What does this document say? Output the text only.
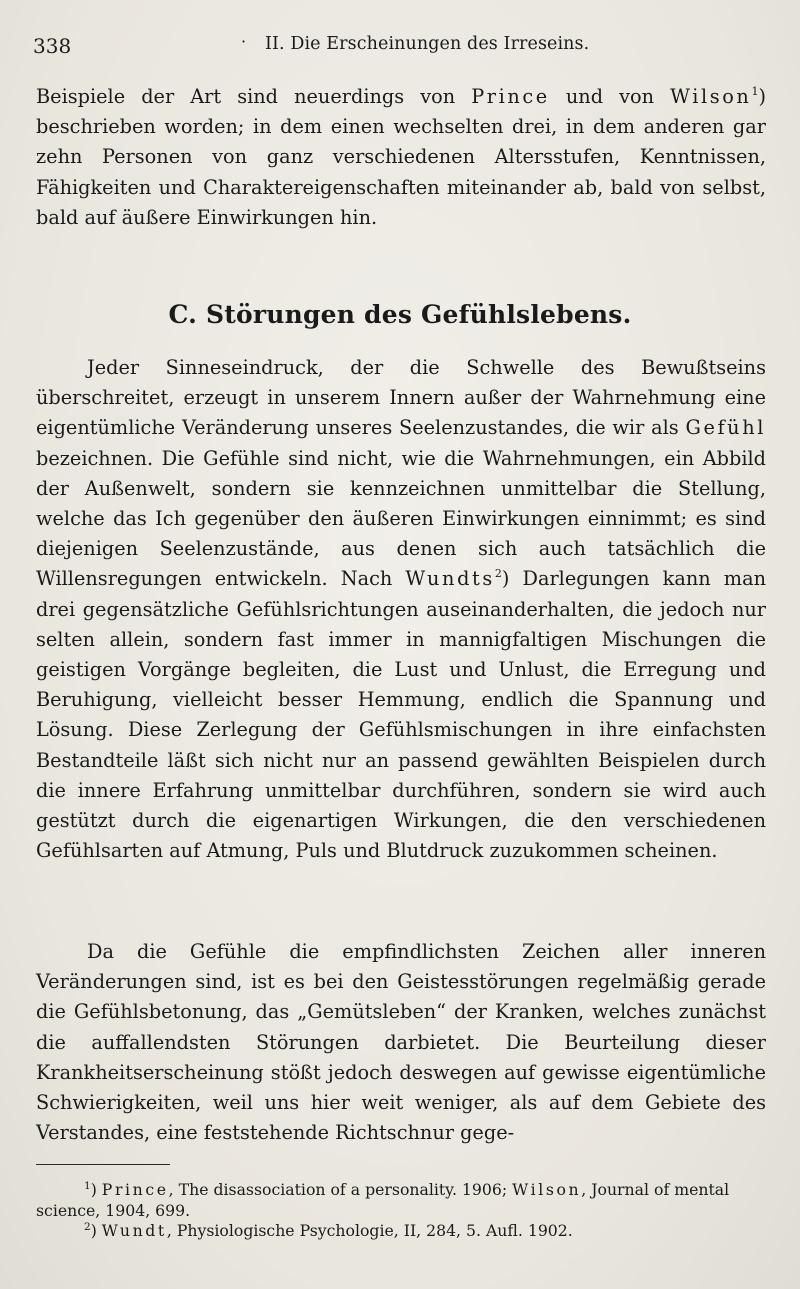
338	· II. Die Erscheinungen des Irreseins.

Beispiele der Art sind neuerdings von Prince und von Wilson$^1$) beschrieben worden; in dem einen wechselten drei, in dem anderen gar zehn Personen von ganz verschiedenen Altersstufen, Kenntnissen, Fähigkeiten und Charaktereigenschaften miteinander ab, bald von selbst, bald auf äußere Einwirkungen hin.

C. Störungen des Gefühlslebens.

Jeder Sinneseindruck, der die Schwelle des Bewußtseins überschreitet, erzeugt in unserem Innern außer der Wahrnehmung eine eigentümliche Veränderung unseres Seelenzustandes, die wir als Gefühl bezeichnen. Die Gefühle sind nicht, wie die Wahrnehmungen, ein Abbild der Außenwelt, sondern sie kennzeichnen unmittelbar die Stellung, welche das Ich gegenüber den äußeren Einwirkungen einnimmt; es sind diejenigen Seelenzustände, aus denen sich auch tatsächlich die Willensregungen entwickeln. Nach Wundts$^2$) Darlegungen kann man drei gegensätzliche Gefühlsrichtungen auseinanderhalten, die jedoch nur selten allein, sondern fast immer in mannigfaltigen Mischungen die geistigen Vorgänge begleiten, die Lust und Unlust, die Erregung und Beruhigung, vielleicht besser Hemmung, endlich die Spannung und Lösung. Diese Zerlegung der Gefühlsmischungen in ihre einfachsten Bestandteile läßt sich nicht nur an passend gewählten Beispielen durch die innere Erfahrung unmittelbar durchführen, sondern sie wird auch gestützt durch die eigenartigen Wirkungen, die den verschiedenen Gefühlsarten auf Atmung, Puls und Blutdruck zuzukommen scheinen.

Da die Gefühle die empfindlichsten Zeichen aller inneren Veränderungen sind, ist es bei den Geistesstörungen regelmäßig gerade die Gefühlsbetonung, das „Gemütsleben“ der Kranken, welches zunächst die auffallendsten Störungen darbietet. Die Beurteilung dieser Krankheitserscheinung stößt jedoch deswegen auf gewisse eigentümliche Schwierigkeiten, weil uns hier weit weniger, als auf dem Gebiete des Verstandes, eine feststehende Richtschnur gege-

$^1$) Prince, The disassociation of a personality. 1906; Wilson, Journal of mental science, 1904, 699.

$^2$) Wundt, Physiologische Psychologie, II, 284, 5. Aufl. 1902.
